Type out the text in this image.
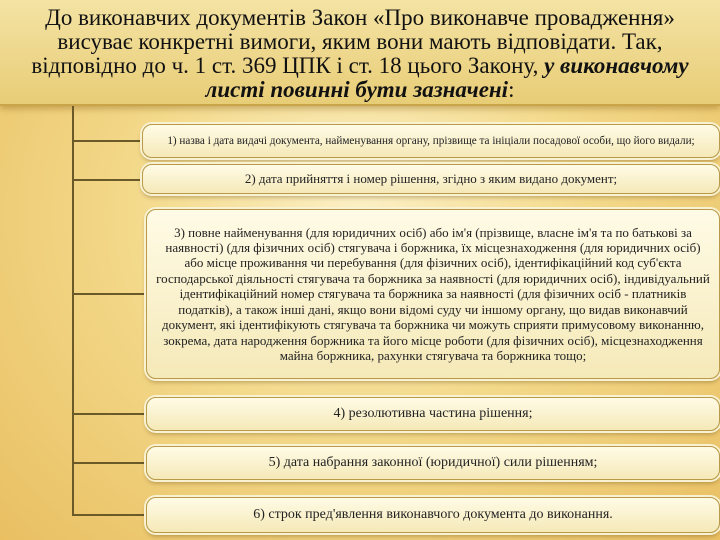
До виконавчих документів Закон «Про виконавче провадження»
висуває конкретні вимоги, яким вони мають відповідати. Так,
відповідно до ч. 1 ст. 369 ЦПК і ст. 18 цього Закону, у виконавчому
листі повинні бути зазначені:
1) назва і дата видачі документа, найменування органу, прізвище та ініціали посадової особи, що його видали;
2) дата прийняття і номер рішення, згідно з яким видано документ;
3) повне найменування (для юридичних осіб) або ім'я (прізвище, власне ім'я та по батькові за наявності) (для фізичних осіб) стягувача і боржника, їх місцезнаходження (для юридичних осіб) або місце проживання чи перебування (для фізичних осіб), ідентифікаційний код суб'єкта господарської діяльності стягувача та боржника за наявності (для юридичних осіб), індивідуальний ідентифікаційний номер стягувача та боржника за наявності (для фізичних осіб - платників податків), а також інші дані, якщо вони відомі суду чи іншому органу, що видав виконавчий документ, які ідентифікують стягувача та боржника чи можуть сприяти примусовому виконанню, зокрема, дата народження боржника та його місце роботи (для фізичних осіб), місцезнаходження майна боржника, рахунки стягувача та боржника тощо;
4) резолютивна частина рішення;
5) дата набрання законної (юридичної) сили рішенням;
6) строк пред'явлення виконавчого документа до виконання.
